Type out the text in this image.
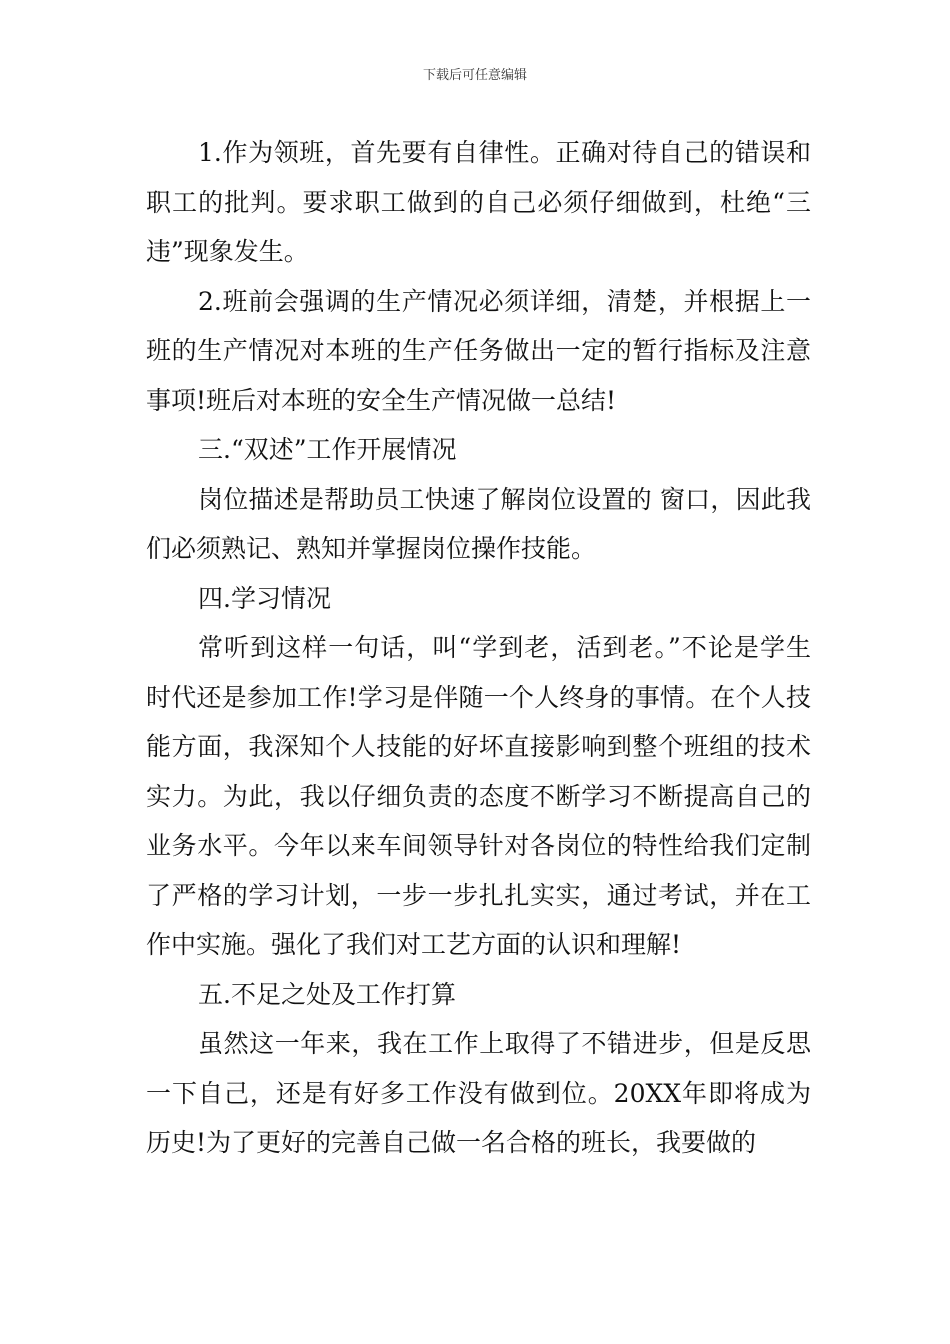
下载后可任意编辑

1.作为领班，首先要有自律性。正确对待自己的错误和职工的批判。要求职工做到的自己必须仔细做到，杜绝“三违”现象发生。

2.班前会强调的生产情况必须详细，清楚，并根据上一班的生产情况对本班的生产任务做出一定的暂行指标及注意事项!班后对本班的安全生产情况做一总结!

三.“双述”工作开展情况

岗位描述是帮助员工快速了解岗位设置的 窗口，因此我们必须熟记、熟知并掌握岗位操作技能。

四.学习情况

常听到这样一句话，叫“学到老，活到老。”不论是学生时代还是参加工作!学习是伴随一个人终身的事情。在个人技能方面，我深知个人技能的好坏直接影响到整个班组的技术实力。为此，我以仔细负责的态度不断学习不断提高自己的业务水平。今年以来车间领导针对各岗位的特性给我们定制了严格的学习计划，一步一步扎扎实实，通过考试，并在工作中实施。强化了我们对工艺方面的认识和理解!

五.不足之处及工作打算

虽然这一年来，我在工作上取得了不错进步，但是反思一下自己，还是有好多工作没有做到位。20XX年即将成为历史!为了更好的完善自己做一名合格的班长，我要做的
